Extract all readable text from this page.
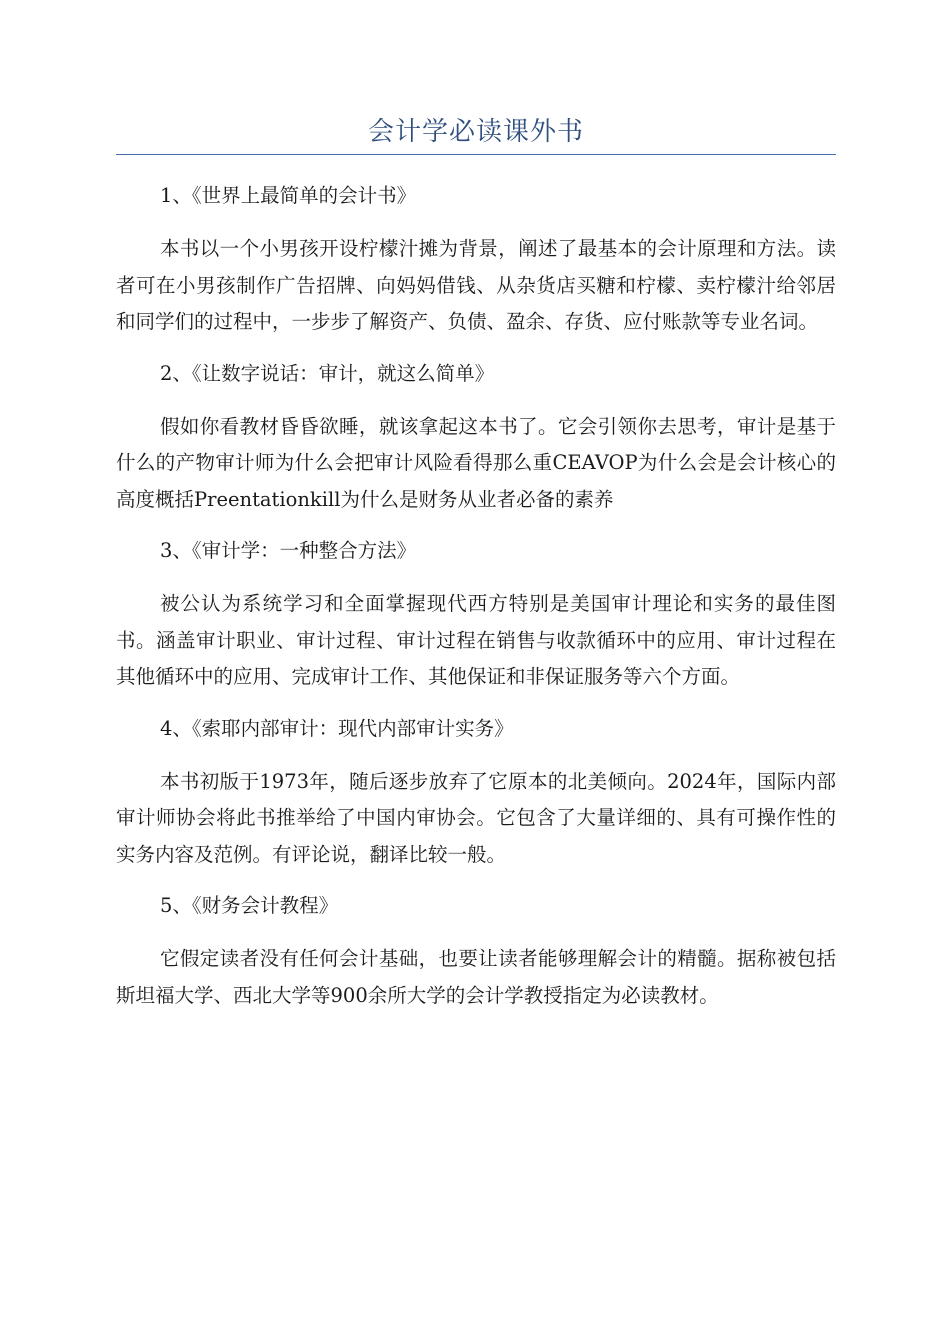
会计学必读课外书

1、《世界上最简单的会计书》

本书以一个小男孩开设柠檬汁摊为背景，阐述了最基本的会计原理和方法。读者可在小男孩制作广告招牌、向妈妈借钱、从杂货店买糖和柠檬、卖柠檬汁给邻居和同学们的过程中，一步步了解资产、负债、盈余、存货、应付账款等专业名词。

2、《让数字说话：审计，就这么简单》

假如你看教材昏昏欲睡，就该拿起这本书了。它会引领你去思考，审计是基于什么的产物审计师为什么会把审计风险看得那么重CEAVOP为什么会是会计核心的高度概括Preentationkill为什么是财务从业者必备的素养

3、《审计学：一种整合方法》

被公认为系统学习和全面掌握现代西方特别是美国审计理论和实务的最佳图书。涵盖审计职业、审计过程、审计过程在销售与收款循环中的应用、审计过程在其他循环中的应用、完成审计工作、其他保证和非保证服务等六个方面。

4、《索耶内部审计：现代内部审计实务》

本书初版于1973年，随后逐步放弃了它原本的北美倾向。2024年，国际内部审计师协会将此书推举给了中国内审协会。它包含了大量详细的、具有可操作性的实务内容及范例。有评论说，翻译比较一般。

5、《财务会计教程》

它假定读者没有任何会计基础，也要让读者能够理解会计的精髓。据称被包括斯坦福大学、西北大学等900余所大学的会计学教授指定为必读教材。
